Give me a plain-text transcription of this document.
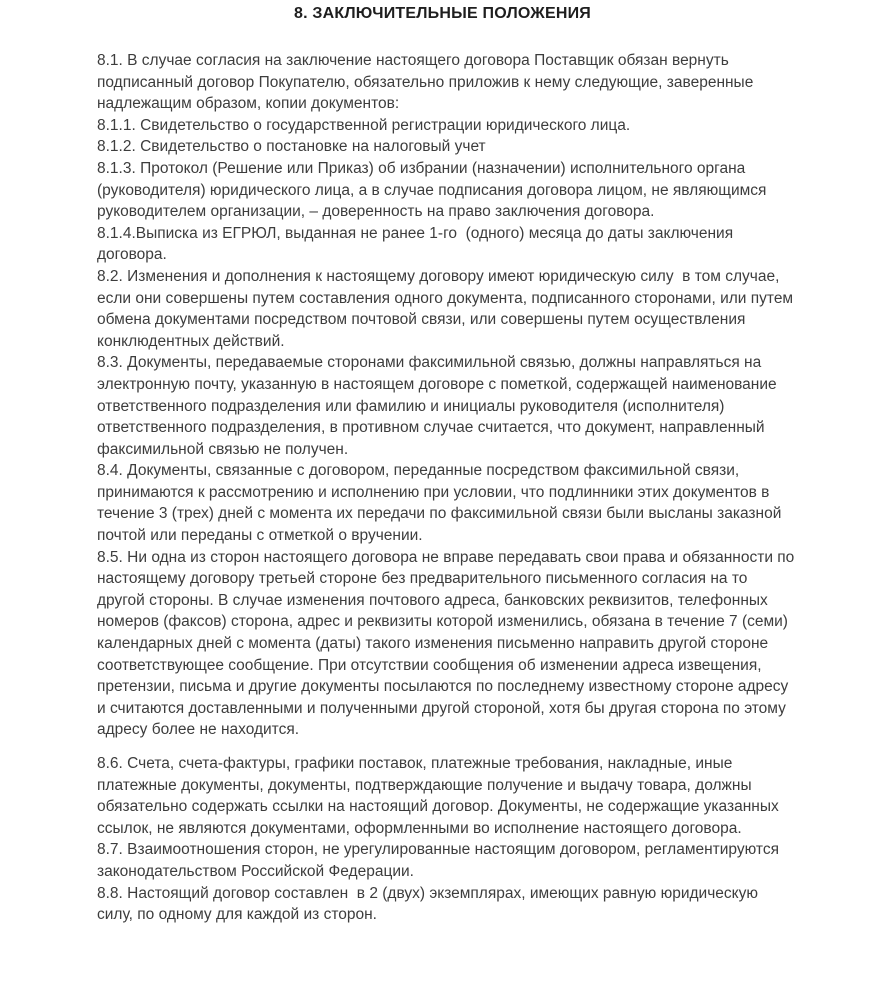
8. ЗАКЛЮЧИТЕЛЬНЫЕ ПОЛОЖЕНИЯ

8.1. В случае согласия на заключение настоящего договора Поставщик обязан вернуть подписанный договор Покупателю, обязательно приложив к нему следующие, заверенные надлежащим образом, копии документов:

8.1.1. Свидетельство о государственной регистрации юридического лица.

8.1.2. Свидетельство о постановке на налоговый учет

8.1.3. Протокол (Решение или Приказ) об избрании (назначении) исполнительного органа (руководителя) юридического лица, а в случае подписания договора лицом, не являющимся руководителем организации, – доверенность на право заключения договора.

8.1.4.Выписка из ЕГРЮЛ, выданная не ранее 1-го  (одного) месяца до даты заключения договора.

8.2. Изменения и дополнения к настоящему договору имеют юридическую силу  в том случае, если они совершены путем составления одного документа, подписанного сторонами, или путем обмена документами посредством почтовой связи, или совершены путем осуществления конклюдентных действий.

8.3. Документы, передаваемые сторонами факсимильной связью, должны направляться на электронную почту, указанную в настоящем договоре с пометкой, содержащей наименование ответственного подразделения или фамилию и инициалы руководителя (исполнителя) ответственного подразделения, в противном случае считается, что документ, направленный факсимильной связью не получен.

8.4. Документы, связанные с договором, переданные посредством факсимильной связи, принимаются к рассмотрению и исполнению при условии, что подлинники этих документов в течение 3 (трех) дней с момента их передачи по факсимильной связи были высланы заказной почтой или переданы с отметкой о вручении.

8.5. Ни одна из сторон настоящего договора не вправе передавать свои права и обязанности по настоящему договору третьей стороне без предварительного письменного согласия на то другой стороны. В случае изменения почтового адреса, банковских реквизитов, телефонных номеров (факсов) сторона, адрес и реквизиты которой изменились, обязана в течение 7 (семи) календарных дней с момента (даты) такого изменения письменно направить другой стороне соответствующее сообщение. При отсутствии сообщения об изменении адреса извещения, претензии, письма и другие документы посылаются по последнему известному стороне адресу и считаются доставленными и полученными другой стороной, хотя бы другая сторона по этому адресу более не находится.

8.6. Счета, счета-фактуры, графики поставок, платежные требования, накладные, иные платежные документы, документы, подтверждающие получение и выдачу товара, должны обязательно содержать ссылки на настоящий договор. Документы, не содержащие указанных ссылок, не являются документами, оформленными во исполнение настоящего договора.

8.7. Взаимоотношения сторон, не урегулированные настоящим договором, регламентируются законодательством Российской Федерации.

8.8. Настоящий договор составлен  в 2 (двух) экземплярах, имеющих равную юридическую силу, по одному для каждой из сторон.
